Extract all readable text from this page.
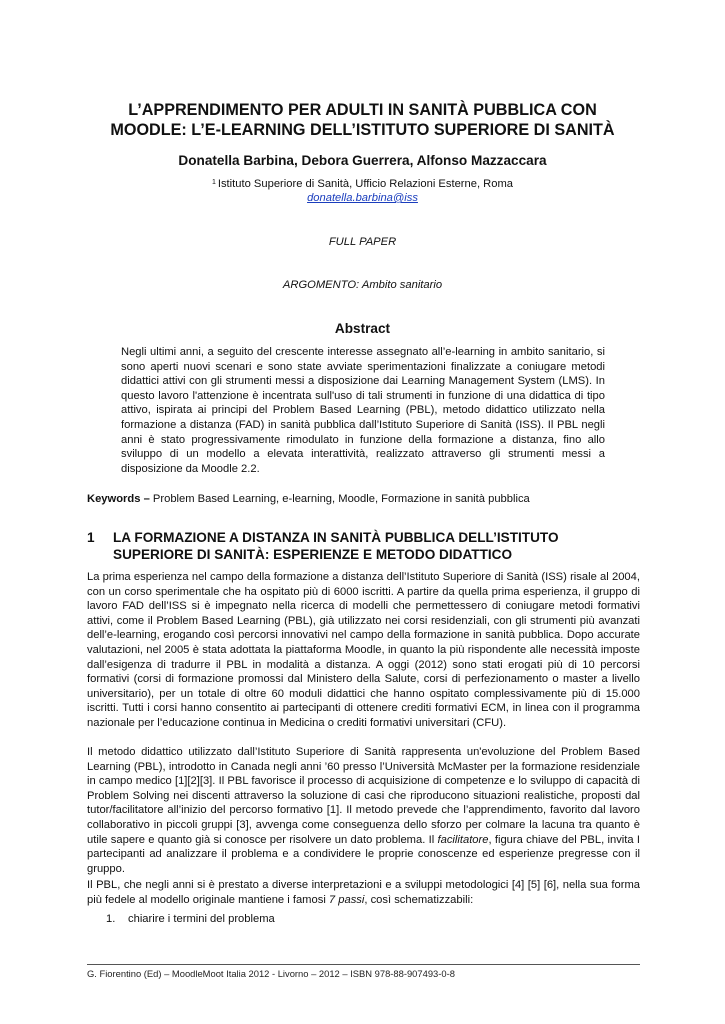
L’APPRENDIMENTO PER ADULTI IN SANITÀ PUBBLICA CON
MOODLE: L’E-LEARNING DELL’ISTITUTO SUPERIORE DI SANITÀ
Donatella Barbina, Debora Guerrera, Alfonso Mazzaccara
$^1$ Istituto Superiore di Sanità, Ufficio Relazioni Esterne, Roma
donatella.barbina@iss
FULL PAPER
ARGOMENTO: Ambito sanitario
Abstract
Negli ultimi anni, a seguito del crescente interesse assegnato all’e-learning in ambito sanitario, si sono aperti nuovi scenari e sono state avviate sperimentazioni finalizzate a coniugare metodi didattici attivi con gli strumenti messi a disposizione dai Learning Management System (LMS). In questo lavoro l'attenzione è incentrata sull'uso di tali strumenti in funzione di una didattica di tipo attivo, ispirata ai principi del Problem Based Learning (PBL), metodo didattico utilizzato nella formazione a distanza (FAD) in sanità pubblica dall’Istituto Superiore di Sanità (ISS). Il PBL negli anni è stato progressivamente rimodulato in funzione della formazione a distanza, fino allo sviluppo di un modello a elevata interattività, realizzato attraverso gli strumenti messi a disposizione da Moodle 2.2.
Keywords – Problem Based Learning, e-learning, Moodle, Formazione in sanità pubblica
1 LA FORMAZIONE A DISTANZA IN SANITÀ PUBBLICA DELL’ISTITUTO
SUPERIORE DI SANITÀ: ESPERIENZE E METODO DIDATTICO
La prima esperienza nel campo della formazione a distanza dell’Istituto Superiore di Sanità (ISS) risale al 2004, con un corso sperimentale che ha ospitato più di 6000 iscritti. A partire da quella prima esperienza, il gruppo di lavoro FAD dell’ISS si è impegnato nella ricerca di modelli che permettessero di coniugare metodi formativi attivi, come il Problem Based Learning (PBL), già utilizzato nei corsi residenziali, con gli strumenti più avanzati dell’e-learning, erogando così percorsi innovativi nel campo della formazione in sanità pubblica. Dopo accurate valutazioni, nel 2005 è stata adottata la piattaforma Moodle, in quanto la più rispondente alle necessità imposte dall’esigenza di tradurre il PBL in modalità a distanza. A oggi (2012) sono stati erogati più di 10 percorsi formativi (corsi di formazione promossi dal Ministero della Salute, corsi di perfezionamento o master a livello universitario), per un totale di oltre 60 moduli didattici che hanno ospitato complessivamente più di 15.000 iscritti. Tutti i corsi hanno consentito ai partecipanti di ottenere crediti formativi ECM, in linea con il programma nazionale per l’educazione continua in Medicina o crediti formativi universitari (CFU).
Il metodo didattico utilizzato dall’Istituto Superiore di Sanità rappresenta un'evoluzione del Problem Based Learning (PBL), introdotto in Canada negli anni ’60 presso l’Università McMaster per la formazione residenziale in campo medico [1][2][3]. Il PBL favorisce il processo di acquisizione di competenze e lo sviluppo di capacità di Problem Solving nei discenti attraverso la soluzione di casi che riproducono situazioni realistiche, proposti dal tutor/facilitatore all’inizio del percorso formativo [1]. Il metodo prevede che l’apprendimento, favorito dal lavoro collaborativo in piccoli gruppi [3], avvenga come conseguenza dello sforzo per colmare la lacuna tra quanto è utile sapere e quanto già si conosce per risolvere un dato problema. Il facilitatore, figura chiave del PBL, invita I partecipanti ad analizzare il problema e a condividere le proprie conoscenze ed esperienze pregresse con il gruppo.
Il PBL, che negli anni si è prestato a diverse interpretazioni e a sviluppi metodologici [4] [5] [6], nella sua forma più fedele al modello originale mantiene i famosi 7 passi, così schematizzabili:
1. chiarire i termini del problema
G. Fiorentino (Ed) – MoodleMoot Italia 2012 - Livorno – 2012 – ISBN 978-88-907493-0-8
